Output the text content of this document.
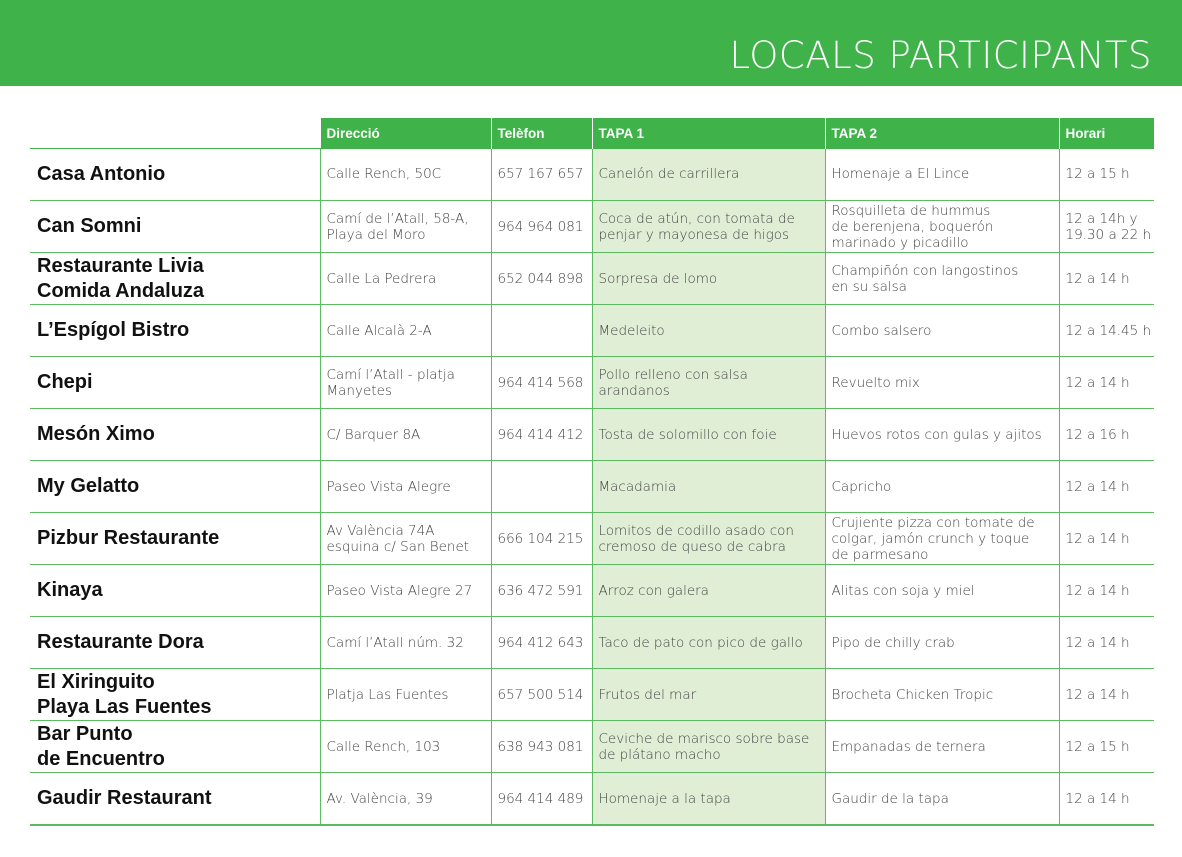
LOCALS PARTICIPANTS
	Direcció	Telèfon	TAPA 1	TAPA 2	Horari

Casa Antonio	Calle Rench, 50C	657 167 657	Canelón de carrillera	Homenaje a El Lince	12 a 15 h

Can Somni	Camí de l’Atall, 58-A,
Playa del Moro	964 964 081	Coca de atún, con tomata de
penjar y mayonesa de higos	Rosquilleta de hummus
de berenjena, boquerón
marinado y picadillo	12 a 14h y
19.30 a 22 h

Restaurante Livia
Comida Andaluza	Calle La Pedrera	652 044 898	Sorpresa de lomo	Champiñón con langostinos
en su salsa	12 a 14 h

L’Espígol Bistro	Calle Alcalà 2-A		Medeleito	Combo salsero	12 a 14.45 h

Chepi	Camí l’Atall - platja
Manyetes	964 414 568	Pollo relleno con salsa
arandanos	Revuelto mix	12 a 14 h

Mesón Ximo	C/ Barquer 8A	964 414 412	Tosta de solomillo con foie	Huevos rotos con gulas y ajitos	12 a 16 h

My Gelatto	Paseo Vista Alegre		Macadamia	Capricho	12 a 14 h

Pizbur Restaurante	Av València 74A
esquina c/ San Benet	666 104 215	Lomitos de codillo asado con
cremoso de queso de cabra	Crujiente pizza con tomate de
colgar, jamón crunch y toque
de parmesano	12 a 14 h

Kinaya	Paseo Vista Alegre 27	636 472 591	Arroz con galera	Alitas con soja y miel	12 a 14 h

Restaurante Dora	Camí l’Atall núm. 32	964 412 643	Taco de pato con pico de gallo	Pipo de chilly crab	12 a 14 h

El Xiringuito
Playa Las Fuentes	Platja Las Fuentes	657 500 514	Frutos del mar	Brocheta Chicken Tropic	12 a 14 h

Bar Punto
de Encuentro	Calle Rench, 103	638 943 081	Ceviche de marisco sobre base
de plátano macho	Empanadas de ternera	12 a 15 h

Gaudir Restaurant	Av. València, 39	964 414 489	Homenaje a la tapa	Gaudir de la tapa	12 a 14 h
